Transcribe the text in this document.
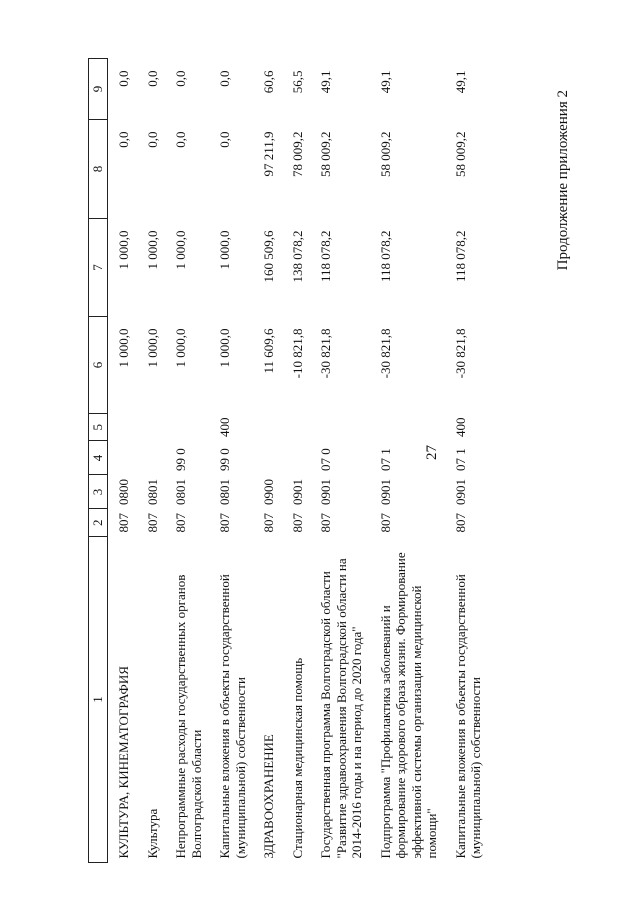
27
Продолжение приложения 2
1	2	3	4	5	6	7	8	9
КУЛЬТУРА, КИНЕМАТОГРАФИЯ	807	0800			1 000,0	1 000,0	0,0	0,0
Культура	807	0801			1 000,0	1 000,0	0,0	0,0
Непрограммные расходы государственных органов Волгоградской области	807	0801	99 0		1 000,0	1 000,0	0,0	0,0
Капитальные вложения в объекты государственной (муниципальной) собственности	807	0801	99 0	400	1 000,0	1 000,0	0,0	0,0
ЗДРАВООХРАНЕНИЕ	807	0900			11 609,6	160 509,6	97 211,9	60,6
Стационарная медицинская помощь	807	0901			-10 821,8	138 078,2	78 009,2	56,5
Государственная программа Волгоградской области "Развитие здравоохранения Волгоградской области на 2014-2016 годы и на период до 2020 года"	807	0901	07 0		-30 821,8	118 078,2	58 009,2	49,1
Подпрограмма "Профилактика заболеваний и формирование здорового образа жизни. Формирование эффективной системы организации медицинской помощи"	807	0901	07 1		-30 821,8	118 078,2	58 009,2	49,1
Капитальные вложения в объекты государственной (муниципальной) собственности	807	0901	07 1	400	-30 821,8	118 078,2	58 009,2	49,1
